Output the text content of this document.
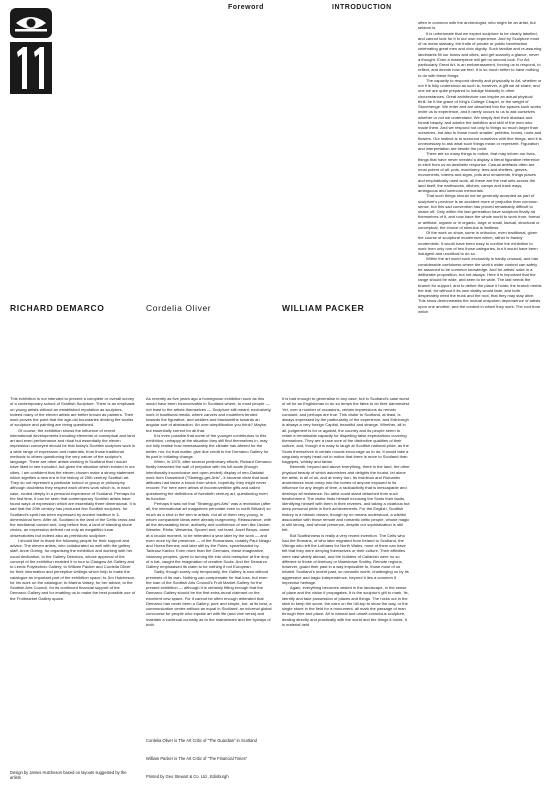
Foreword	INTRODUCTION
RICHARD DEMARCO	Cordelia Oliver	WILLIAM PACKER

often in common with the archeologist, who might be an artist, but seldom is.

It is unfortunate that we expect sculpture to be clearly labelled, and cannot look for it in our own experience. And by Sculpture most of us mean statuary, the fruits of private or public benefaction celebrating great men and civic dignity. Such familiar and re-assuring landmarks fill our towns and cities, and get scarcely a glance, never a thought. Even a masterpiece will get no second look. For Art, particularly Great Art, is an embarrassment, forcing us to respond, to reflect, and decide how we feel. It is so much better to have nothing to do with these things.

The capacity to respond directly and physically to Art, whether or not it is fully understood as such is, however, a gift we all share, and one we are quite prepared to indulge blatantly in other circumstances. Great architecture can inspire an actual physical thrill, be it the grace of King's College Chapel, or the weight of Stonehenge. We enter and are absorbed into the spaces such works invite us to experience, and it rarely occurs to us to ask ourselves whether or not we understand. We simply feel their abstract and formal beauty, and admire the ambition and skill of the men who made them. And we respond not only to things so much larger than ourselves, but also to those much smaller: pebbles, bones, roots and flowers. Our instinct is to surround ourselves with fine things, and it is unnecessary to ask what such things mean or represent. Figuration and interpretation are beside the point.

There are so many things to notice, that may inform our lives, things that have never needed a display a literal figurative reference to elicit from us an aesthetic response. Casual artefacts often are most potent of all: pots, machinery, tens and shelters, graves, monuments, totems and signs, pots and ornaments, things places and emphatically used work, all these are the real sets across the land itself, the earthworks, ditches, camps and track ways, ambiguous and luminous memorials.

That such things should not be generally accepted as part of sculpture's province is an accident more of prejudice than common sense, but this sad convention has proved remarkably difficult to shake off. Only within the last generation have sculptors finally rid themselves of it, and now have the whole world to work from, formal or artificial, organic or in organic, large or small, tactual, structural or conceptual, the choice of stimulus is limitless.

Of the work on show, some is orthodox, even traditional, given the course of sculptural modernism which, rather is frankly modernistic. It would have been easy to confine the exhibition to work from only one of two those categories, but it would have been indulgent and uncritical to do so.

Within the art world such exclusivity is hardly unusual, and has considerable usefulness where the work's wider context can safely be assumed to be common knowledge. And for artists' sake in a deliberate proposition, but not always. Here it is important that the range should be wide, and seen to be wide. The last needs the branch for support, and to define the place it holds; the branch needs the leaf, for without it its own vitality would fade, and both desperately need the trunk and the root, that they may stay alive. This show demonstrates the mutual unspoken dependence of artists upon one another, and the context in which they work. The root from which

This exhibition is not intended to present a complete or overall survey of a contemporary school of Scottish Sculpture. There is an emphasis on young artists without an established reputation as sculptors. Indeed many of the eleven artists are better known as painters. Their work proves the point that the age-old boundaries dividing the worlds of sculpture and painting are being questioned.

Of course, the exhibition shows the influence of recent international developments including elements of conceptual and land art and even performance and ritual but essentially the eleven impression conveyed should be that today's Scottish sculptors work in a wide range of expression and materials, from those traditional methods to others questioning the very nature of the sculptor's language. There are other artists working in Scotland that I would have liked to see included, but given the situation which existed in our cities, I am confident that the eleven chosen make a strong statement which signifies a new era in the history of 20th century Scottish art. They do not represent a particular school or group or philosophy although doubtless they respect each others work which is, in each case, rooted deeply in a personal experience of Scotland. Perhaps for the first time, it can be seen that contemporary Scottish artists have found ways of expression which are essentially three dimensional. It is sad that the 20th century has produced few Scottish sculptors, for Scotland's spirit has been expressed by ancient tradition in 3-dimensional form. After all, Scotland is the land of the Celtic cross and the mediaeval carved and, long before that, a land of standing stone circles, an expression defined not only as megalithic lunar observatories but indeed also as prehistoric sculpture.

I should like to thank the following people for their support and advice: The eleven artists, who collaborated so well with the gallery staff, Anne Goring, for organising the exhibition and working with her usual dedication, to the Gallery Directors, whose approval of the concept of the exhibition enabled it to tour to Glasgow Art Gallery and to Leeds Polytechnic Gallery; to William Packer and Cordelia Oliver for their information and perceptive writings which help to make the catalogue an important part of the exhibition space; to Jim Hutcheson, for his work on the catalogue; to Marina Vaisey, for her advice; to the Scottish Arts Council, for its continued financial support of the Demarco Gallery and for enabling us to make the best possible use of the Fruitmarket Gallery space.

As recently as five years ago a homegrown exhibition such as this would have been inconceivable in Scotland where, to most people — not least to the artists themselves — Sculpture still meant, exclusively, work in traditional media, where carvers and modellers tended towards the figurative, and welders and blacksmiths towards an angular sort of abstraction. An over-simplification you think? Maybe, but essentially correct for all that.

It is even possible that some of the younger contributors to this exhibition, unhappy at the situation they still find themselves in, may not fully realise how immeasurably the climate has altered for the better, nor, for that matter, give due credit to the Demarco Gallery for its part in initiating change.

When, in 1970, after several preliminary efforts, Richard Demarco finally breached the wall of prejudice with his full-scale (though intentionally inconclusive and open-ended) display of neo-Dadaist work from Dusseldorf ("Strategy-get-Arts" , it became clear that local attitudes had taken a knock from which, hopefully, they might never recover. For here were artists of incontrovertible gifts and called questioning the definitions of twentieth century art, questioning even its function.

Perhaps it was not that "Strategy-get-Arts" was a revelation (after all, the international art magazines percolate even to north Britain!) so much as a shot in the arm to artists, not all of them very young, in whom comparable ideas were already burgeoning. Reassurance, with all the devastating force, authority and confidence of men like Uecker, Weseler, Rinke, Wewerka, Spoerri and, not least, Josef Beuys, came at a crucial moment, to be reiterated a year later by the work — and even more by the presence — of the Romanians, notably Paul Neagu and Horea Bernea; and later still by the Poles, spearheaded by Tadeusz Kantor. Even more than the Germans, these imaginative, visionary peoples, given to turning life into vivid metaphor at the drop of a hat, caught the imagination of creative Scots. And the Demarco Gallery emphasised its claim to be nothing if not European.

Sadly, though surely only temporarily, the Gallery is now without premises of its own. Nothing can compensate for that loss, but even the loan of the Scottish Arts Council's Fruit Market Gallery for the present exhibition — although it is certainly fitting enough that the Demarco Gallery should be the first extra-mural claimant on the excellent new space. For it cannot be often enough reiterated that Demarco has never been a Gallery, pure and simple, but, at its best, a communication centre without an equal in Scotland; an informal global concourse for people who equate art with life (and vice versa) and maintain a continual curiosity as to the mainstream and the byways of both.

It is bad enough to generalise in any case, but in Scotland's case worst of all for an Englishman to do so temps the fates to do their damnedest. Yet, over a number of occasions, certain impressions do remain constant, and perhaps are true. This visitor to Scotland, at least, is always impressed by the particularity of the experience, and Edinburgh is always a very foreign Capital, beautiful and strange. Whether, all in all, judgement is for or against, the country and its people seem to retain a remarkable capacity for dispelling false expectations covering themselves. They are a race sure of the distinctive qualities of their culture, and, though it is easy to laugh at Scottish national pride, as the Scots themselves in certain moods encourage us to do, it would take a singularly empty head not to notice that there is more to Scotland than bagpipes, whisky and tartan.

Beneath, beyond and above everything, there is the land, the other physical beauty of which astonishes and delights the tourist, let alone the artist, in all of us, and at every turn. Its insidious and Romantic ancientness must creep into the bones of anyone exposed to its influence for any length of time, a radioactivity that is inescapable and destroys all resistance. No artist could stand detached from such bewitchment. The visitor finds himself excusing the Scots their faults, identifying himself with them in their reveries, and taking a vicarious but deep personal pride in their achievements. For the English, Scottish history is a historic dream, though by no means understood, a wishful association with those remote and romantic celtic people, whose magic is still strong, and whose presence, despite our sophistication is still felt.

But Scottishness is really a very recent invention. The Celts who had the Romans, of who later migrated from Ireland to Scotland, the Vikings who left the Lothians for North Wales, none of them can have felt that they were denying themselves or their culture. Their affinities were cast widely abroad, and the builders of Callanish were no so different to those of Avebury or Maeshowe Smithy. Remote regions, however, guard their past in a way impossible to, those most of us inhabit. Scotland's recent past, so romantic worth, challenging us by its aggressive and tragic independence, beyond it lies a common if imprecise heritage.

Again, everything becomes vested in the landscape, in the sense of place and the vision it propagates. It is the sculptor's gift to mark, fix, identify and take possession of places and things. The rocks out in the stick to keep the score, the cairn on the hill-top to show the way, or the single stone in the field for a monument, all mark the passage of man through time and place. All in natural and unself-conscious sculpture, dealing directly and practically with the world and the things it holds. It is material held

Cordelia Oliver is The Art Critic of "The Guardian" in Scotland
William Packer is The Art Critic of "The Financial Times"
Design by James Hutcheson based on layouts suggested by the artists	Printed by Geo Stewart & Co. Ltd., Edinburgh
